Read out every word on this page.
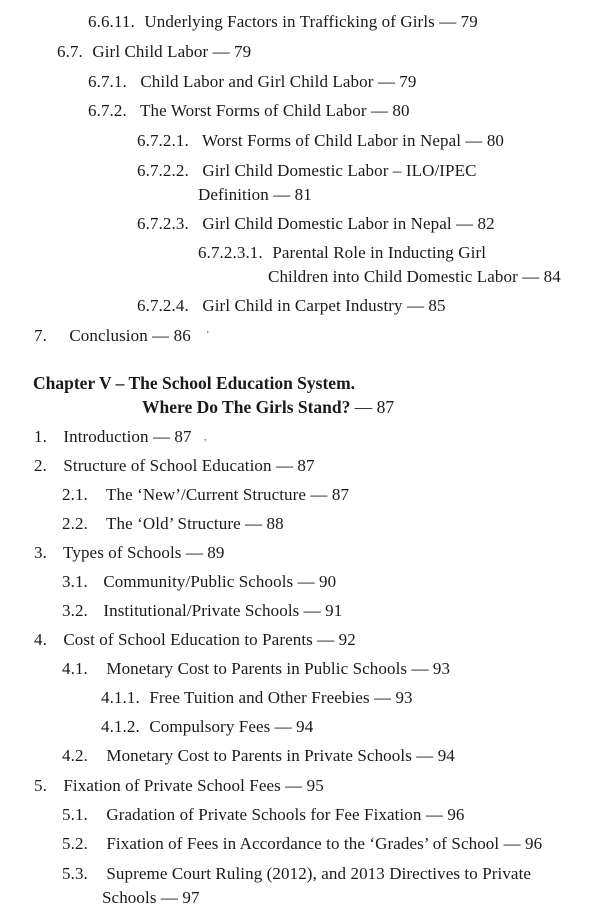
6.6.11. Underlying Factors in Trafficking of Girls — 79
6.7. Girl Child Labor — 79
6.7.1. Child Labor and Girl Child Labor — 79
6.7.2. The Worst Forms of Child Labor — 80
6.7.2.1. Worst Forms of Child Labor in Nepal — 80
6.7.2.2. Girl Child Domestic Labor – ILO/IPEC
Definition — 81
6.7.2.3. Girl Child Domestic Labor in Nepal — 82
6.7.2.3.1. Parental Role in Inducting Girl
Children into Child Domestic Labor — 84
6.7.2.4. Girl Child in Carpet Industry — 85
7. Conclusion — 86 ʼ
Chapter V – The School Education System.
Where Do The Girls Stand? — 87
1. Introduction — 87 ,
2. Structure of School Education — 87
2.1. The ‘New’/Current Structure — 87
2.2. The ‘Old’ Structure — 88
3. Types of Schools — 89
3.1. Community/Public Schools — 90
3.2. Institutional/Private Schools — 91
4. Cost of School Education to Parents — 92
4.1. Monetary Cost to Parents in Public Schools — 93
4.1.1. Free Tuition and Other Freebies — 93
4.1.2. Compulsory Fees — 94
4.2. Monetary Cost to Parents in Private Schools — 94
5. Fixation of Private School Fees — 95
5.1. Gradation of Private Schools for Fee Fixation — 96
5.2. Fixation of Fees in Accordance to the ‘Grades’ of School — 96
5.3. Supreme Court Ruling (2012), and 2013 Directives to Private
Schools — 97
